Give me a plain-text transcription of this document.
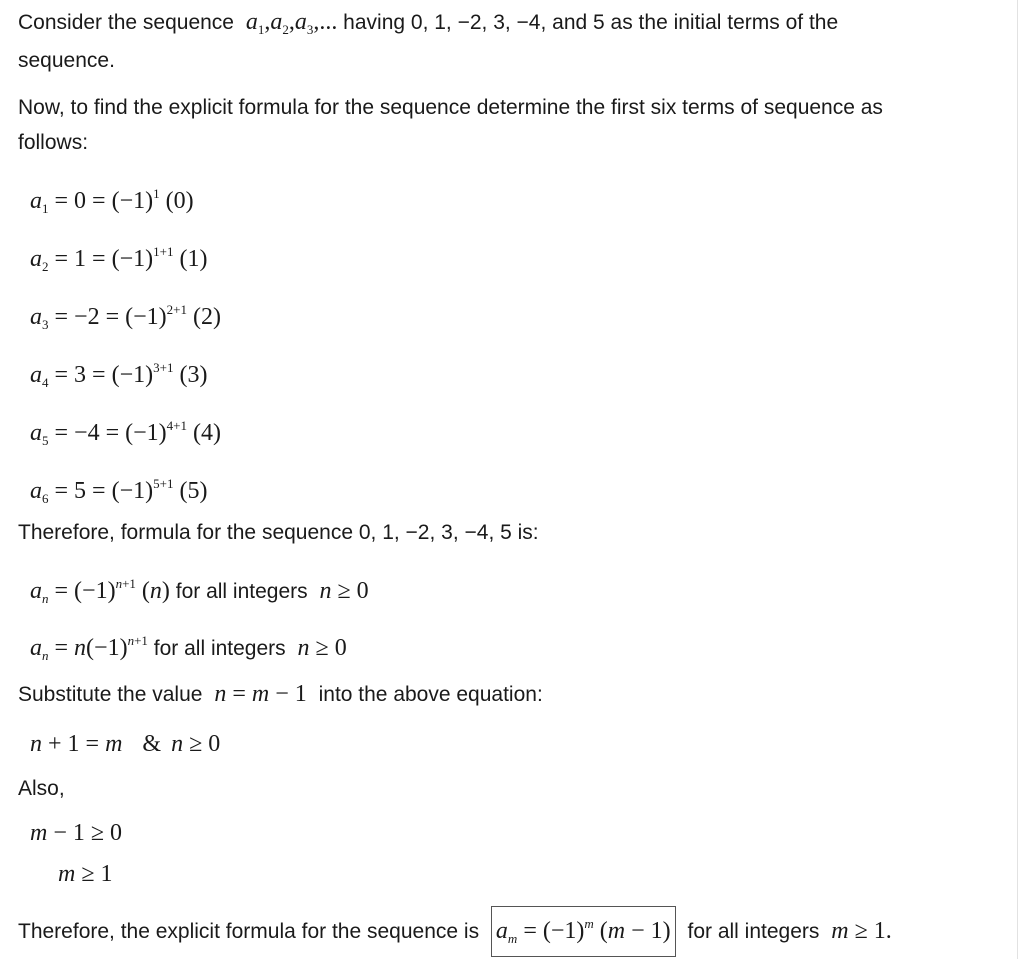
Consider the sequence $a_1,a_2,a_3$,... having 0, 1, −2, 3, −4, and 5 as the initial terms of the
sequence.
Now, to find the explicit formula for the sequence determine the first six terms of sequence as
follows:
$a_1 = 0 = (-1)^1$ (0)
$a_2 = 1 = (-1)^{1+1}$ (1)
$a_3 = -2 = (-1)^{2+1}$ (2)
$a_4 = 3 = (-1)^{3+1}$ (3)
$a_5 = -4 = (-1)^{4+1}$ (4)
$a_6 = 5 = (-1)^{5+1}$ (5)
Therefore, formula for the sequence 0, 1, −2, 3, −4, 5 is:
$a_n = (-1)^{n+1}$ (n) for all integers n ≥ 0
$a_n = n(-1)^{n+1}$ for all integers n ≥ 0
Substitute the value n = m − 1  into the above equation:
n + 1 = m & n ≥ 0
Also,
m − 1 ≥ 0
m ≥ 1
Therefore, the explicit formula for the sequence is $a_m = (-1)^m$ (m − 1) for all integers m ≥ 1.
